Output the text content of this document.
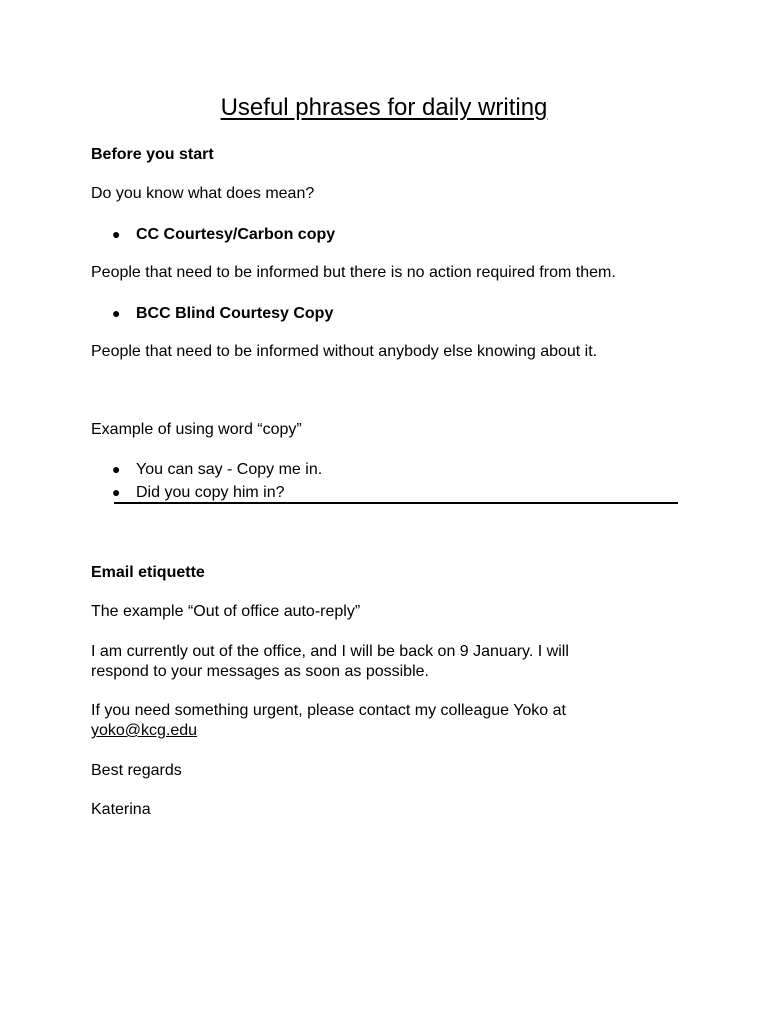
Useful phrases for daily writing

Before you start

Do you know what does mean?

● CC Courtesy/Carbon copy

People that need to be informed but there is no action required from them.

● BCC Blind Courtesy Copy

People that need to be informed without anybody else knowing about it.

Example of using word “copy”

● You can say - Copy me in.
● Did you copy him in?

Email etiquette

The example “Out of office auto-reply”

I am currently out of the office, and I will be back on 9 January. I will

respond to your messages as soon as possible.

If you need something urgent, please contact my colleague Yoko at

yoko@kcg.edu

Best regards

Katerina
